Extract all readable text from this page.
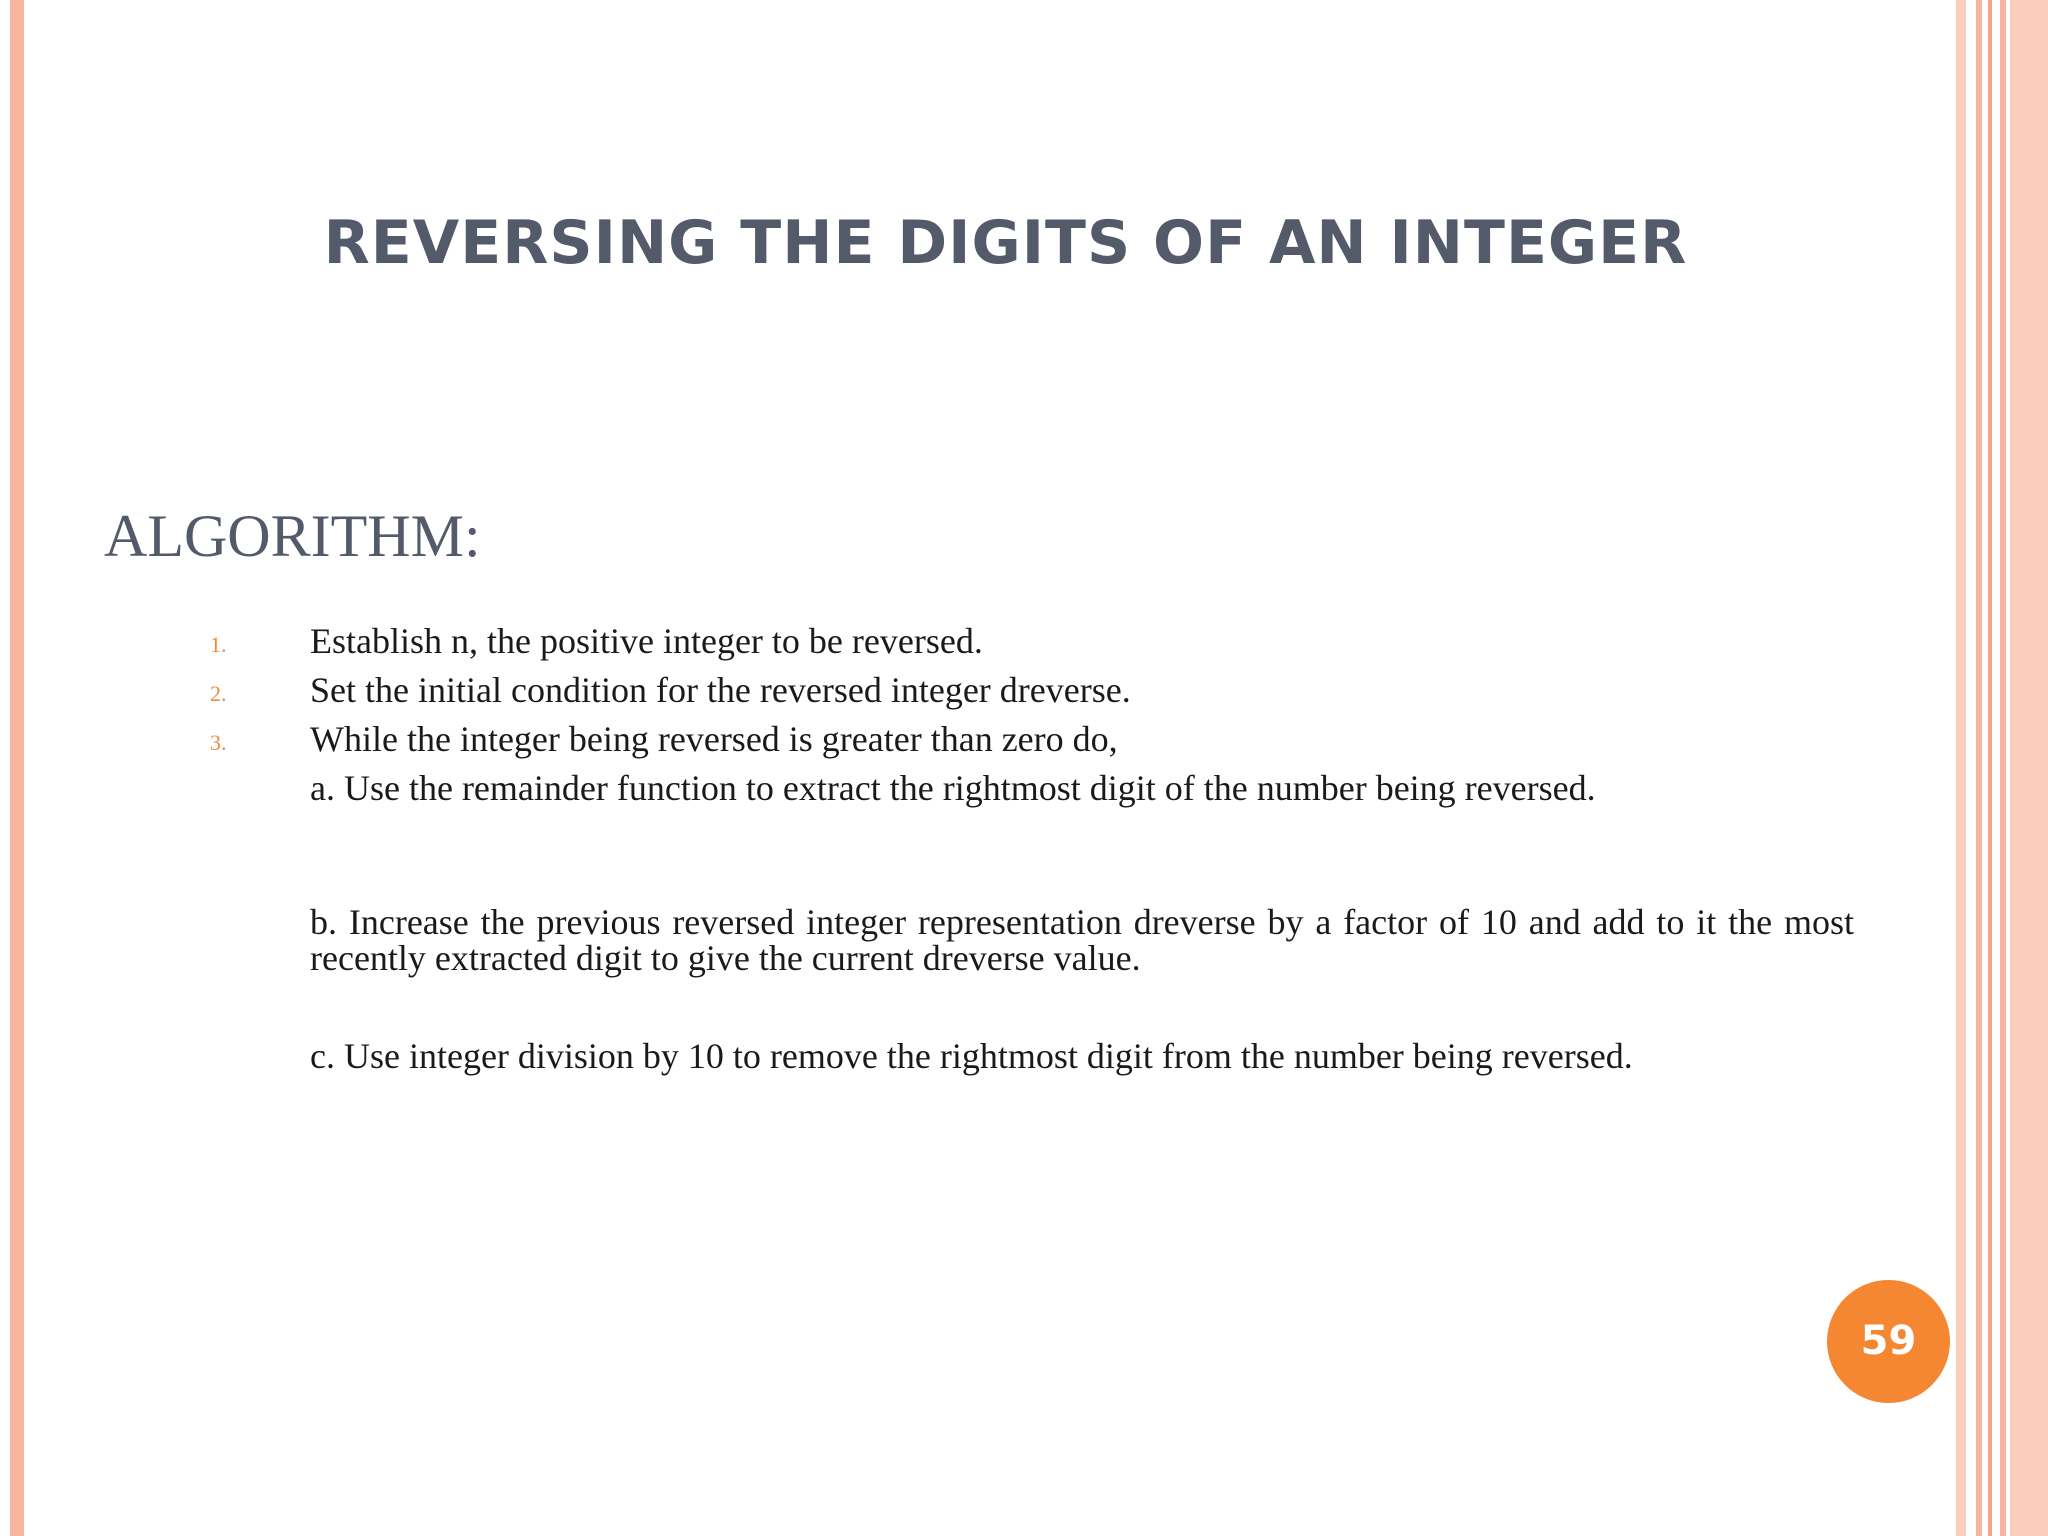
REVERSING THE DIGITS OF AN INTEGER
ALGORITHM:
1. Establish n, the positive integer to be reversed.
2. Set the initial condition for the reversed integer dreverse.
3. While the integer being reversed is greater than zero do,
a. Use the remainder function to extract the rightmost digit of the number being reversed.
b. Increase the previous reversed integer representation dreverse by a factor of 10 and add to it the most recently extracted digit to give the current dreverse value.
c. Use integer division by 10 to remove the rightmost digit from the number being reversed.
59
